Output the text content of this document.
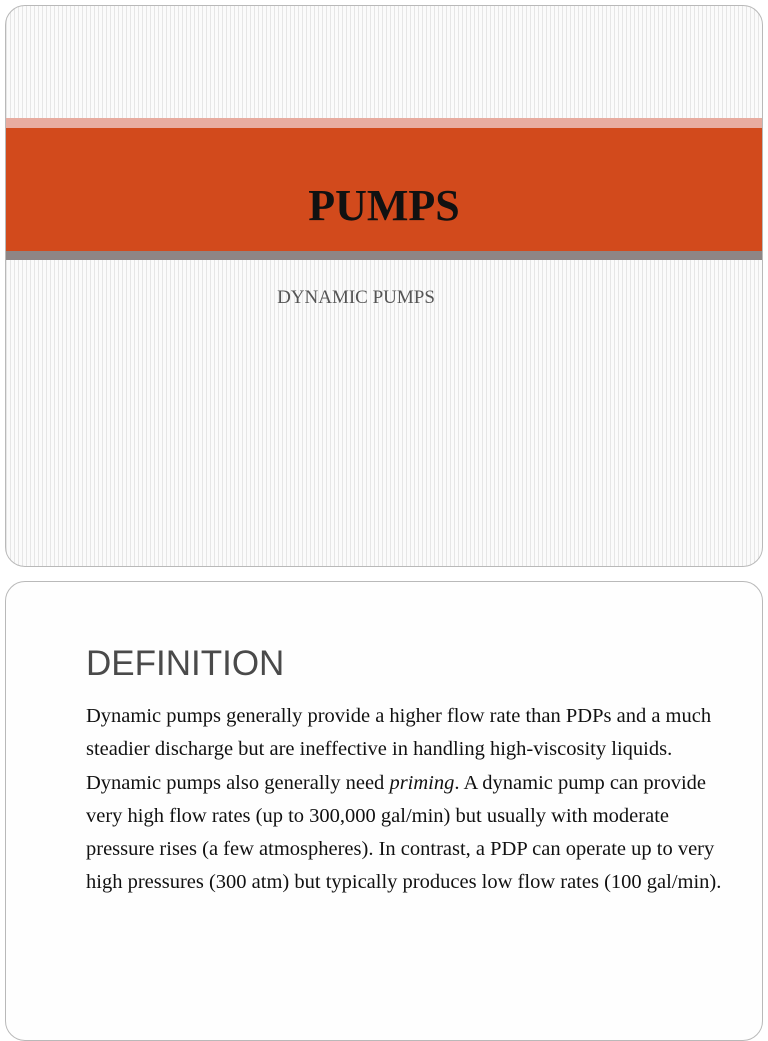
PUMPS

DYNAMIC PUMPS

DEFINITION

Dynamic pumps generally provide a higher flow rate than PDPs and a much steadier discharge but are ineffective in handling high-viscosity liquids. Dynamic pumps also generally need priming. A dynamic pump can provide very high flow rates (up to 300,000 gal/min) but usually with moderate pressure rises (a few atmospheres). In contrast, a PDP can operate up to very high pressures (300 atm) but typically produces low flow rates (100 gal/min).
